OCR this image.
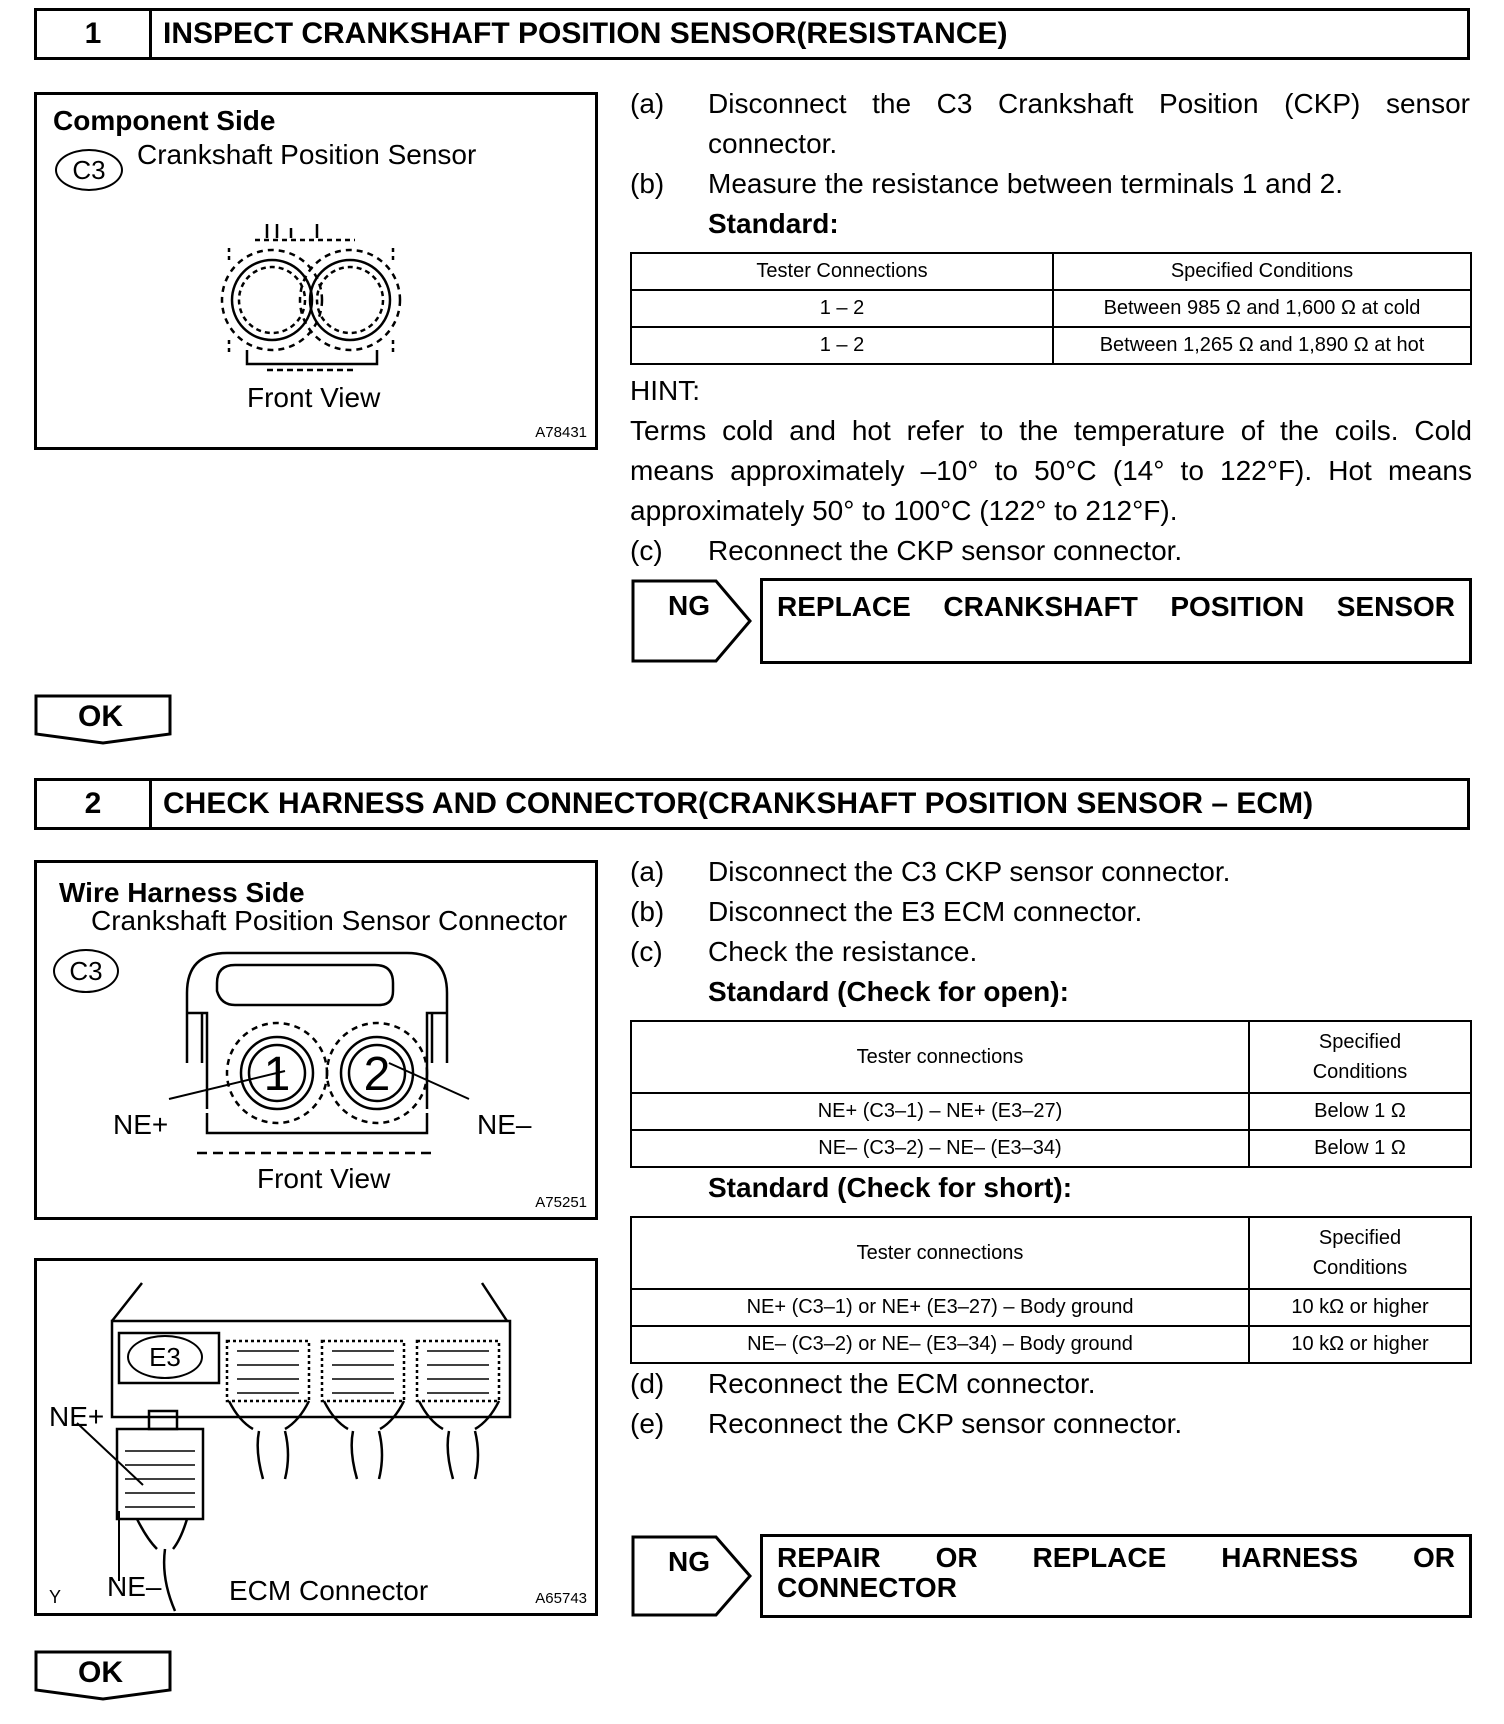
1	INSPECT CRANKSHAFT POSITION SENSOR(RESISTANCE)
Component Side
C3	Crankshaft Position Sensor
Front View
A78431
(a) Disconnect the C3 Crankshaft Position (CKP) sensor
connector.
(b) Measure the resistance between terminals 1 and 2.
Standard:
Tester Connections	Specified Conditions
1 – 2	Between 985 Ω and 1,600 Ω at cold
1 – 2	Between 1,265 Ω and 1,890 Ω at hot
HINT:
Terms cold and hot refer to the temperature of the coils. Cold
means approximately –10° to 50°C (14° to 122°F). Hot means
approximately 50° to 100°C (122° to 212°F).
(c) Reconnect the CKP sensor connector.
NG	REPLACE CRANKSHAFT POSITION SENSOR
OK
2	CHECK HARNESS AND CONNECTOR(CRANKSHAFT POSITION SENSOR – ECM)
Wire Harness Side
Crankshaft Position Sensor Connector
C3
1 2
NE+	NE–
Front View
A75251
E3
NE+
NE–
Y	ECM Connector	A65743
(a) Disconnect the C3 CKP sensor connector.
(b) Disconnect the E3 ECM connector.
(c) Check the resistance.
Standard (Check for open):
Tester connections	Specified
Conditions

NE+ (C3–1) – NE+ (E3–27)	Below 1 Ω
NE– (C3–2) – NE– (E3–34)	Below 1 Ω
Standard (Check for short):
Tester connections	Specified
Conditions

NE+ (C3–1) or NE+ (E3–27) – Body ground	10 kΩ or higher
NE– (C3–2) or NE– (E3–34) – Body ground	10 kΩ or higher
(d) Reconnect the ECM connector.
(e) Reconnect the CKP sensor connector.
NG REPAIR OR REPLACE HARNESS OR
CONNECTOR
OK
